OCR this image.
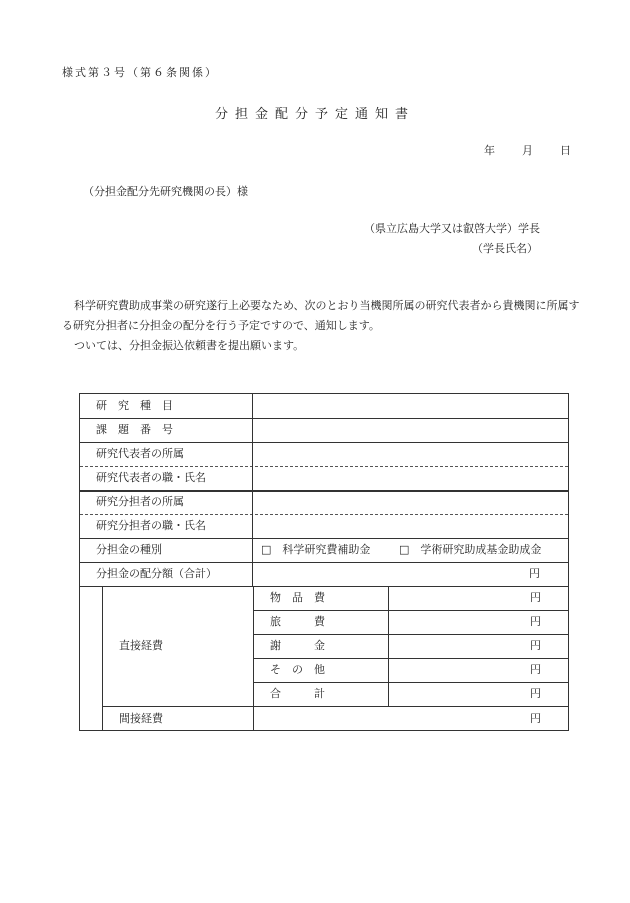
様式第３号（第６条関係）
分担金配分予定通知書
年	月	日
（分担金配分先研究機関の長）様
（県立広島大学又は叡啓大学）学長
（学長氏名）

科学研究費助成事業の研究遂行上必要なため、次のとおり当機関所属の研究代表者から貴機関に所属する研究分担者に分担金の配分を行う予定ですので、通知します。

ついては、分担金振込依頼書を提出願います。

研　究　種　目
課　題　番　号
研究代表者の所属
研究代表者の職・氏名
研究分担者の所属
研究分担者の職・氏名
分担金の種別	□　科学研究費補助金	□　学術研究助成基金助成金
分担金の配分額（合計）	円
直接経費
物　品　費	円
旅　　　費	円
謝　　　金	円
そ　の　他	円
合　　　計	円
間接経費	円
